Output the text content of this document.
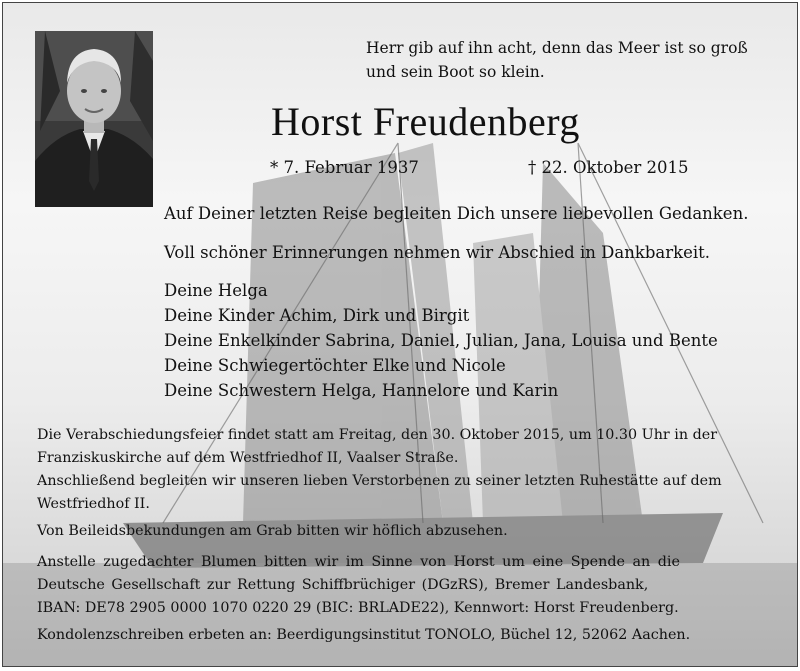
Herr gib auf ihn acht, denn das Meer ist so groß
und sein Boot so klein.
Horst Freudenberg
* 7. Februar 1937	† 22. Oktober 2015
Auf Deiner letzten Reise begleiten Dich unsere liebevollen Gedanken.
Voll schöner Erinnerungen nehmen wir Abschied in Dankbarkeit.
Deine Helga
Deine Kinder Achim, Dirk und Birgit
Deine Enkelkinder Sabrina, Daniel, Julian, Jana, Louisa und Bente
Deine Schwiegertöchter Elke und Nicole
Deine Schwestern Helga, Hannelore und Karin
Die Verabschiedungsfeier findet statt am Freitag, den 30. Oktober 2015, um 10.30 Uhr in der
Franziskuskirche auf dem Westfriedhof II, Vaalser Straße.
Anschließend begleiten wir unseren lieben Verstorbenen zu seiner letzten Ruhestätte auf dem
Westfriedhof II.
Von Beileidsbekundungen am Grab bitten wir höflich abzusehen.
Anstelle zugedachter Blumen bitten wir im Sinne von Horst um eine Spende an die
Deutsche Gesellschaft zur Rettung Schiffbrüchiger (DGzRS), Bremer Landesbank,
IBAN: DE78 2905 0000 1070 0220 29 (BIC: BRLADE22), Kennwort: Horst Freudenberg.
Kondolenzschreiben erbeten an: Beerdigungsinstitut TONOLO, Büchel 12, 52062 Aachen.
